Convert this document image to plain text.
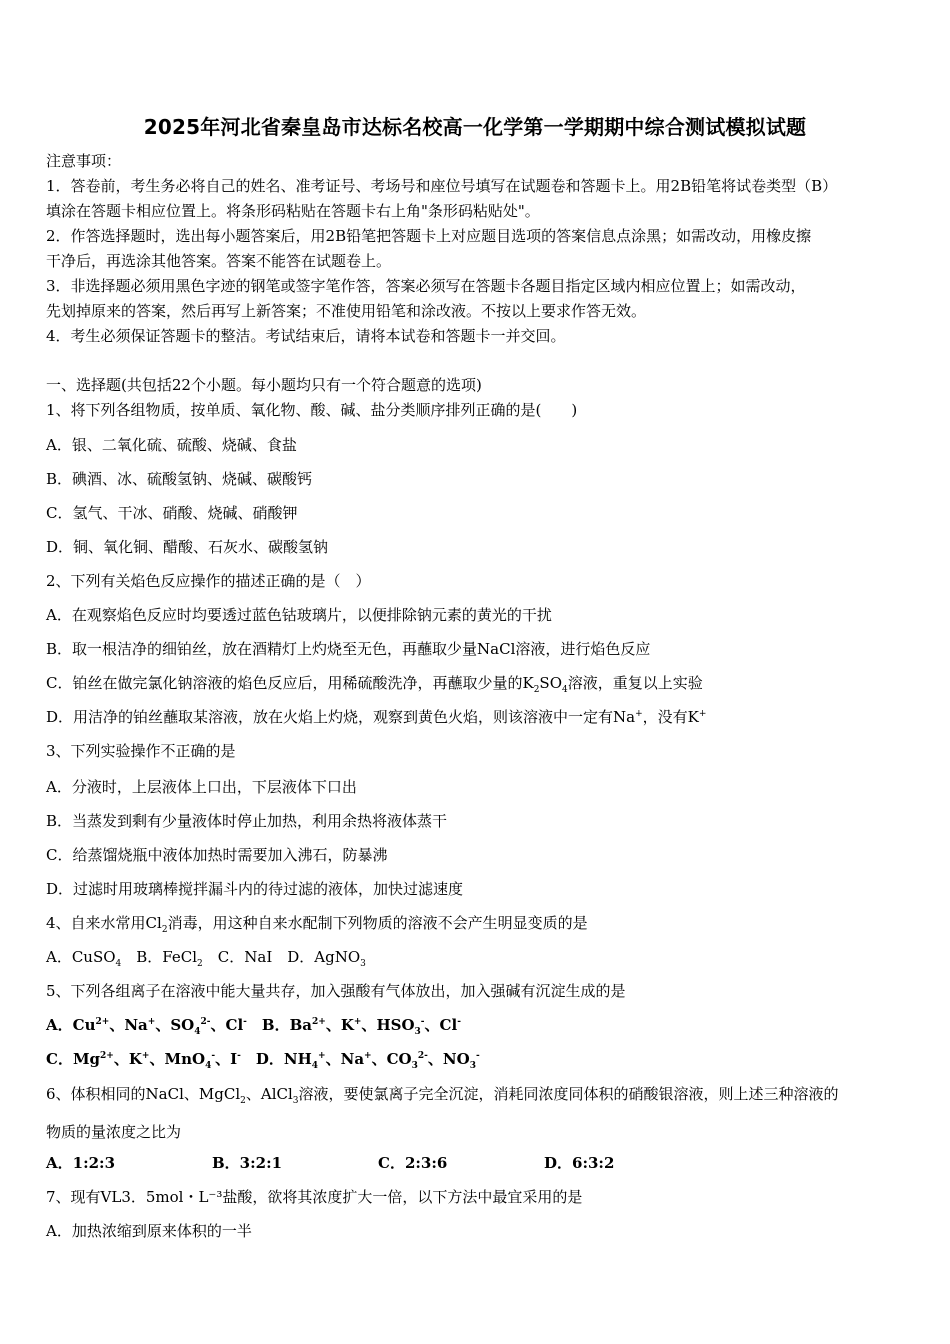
2025年河北省秦皇岛市达标名校高一化学第一学期期中综合测试模拟试题
注意事项：
1．答卷前，考生务必将自己的姓名、准考证号、考场号和座位号填写在试题卷和答题卡上。用2B铅笔将试卷类型（B）
填涂在答题卡相应位置上。将条形码粘贴在答题卡右上角"条形码粘贴处"。
2．作答选择题时，选出每小题答案后，用2B铅笔把答题卡上对应题目选项的答案信息点涂黑；如需改动，用橡皮擦
干净后，再选涂其他答案。答案不能答在试题卷上。
3．非选择题必须用黑色字迹的钢笔或签字笔作答，答案必须写在答题卡各题目指定区域内相应位置上；如需改动，
先划掉原来的答案，然后再写上新答案；不准使用铅笔和涂改液。不按以上要求作答无效。
4．考生必须保证答题卡的整洁。考试结束后，请将本试卷和答题卡一并交回。
一、选择题(共包括22个小题。每小题均只有一个符合题意的选项)
1、将下列各组物质，按单质、氧化物、酸、碱、盐分类顺序排列正确的是(　　)
A．银、二氧化硫、硫酸、烧碱、食盐
B．碘酒、冰、硫酸氢钠、烧碱、碳酸钙
C．氢气、干冰、硝酸、烧碱、硝酸钾
D．铜、氧化铜、醋酸、石灰水、碳酸氢钠
2、下列有关焰色反应操作的描述正确的是（　）
A．在观察焰色反应时均要透过蓝色钴玻璃片，以便排除钠元素的黄光的干扰
B．取一根洁净的细铂丝，放在酒精灯上灼烧至无色，再蘸取少量NaCl溶液，进行焰色反应
C．铂丝在做完氯化钠溶液的焰色反应后，用稀硫酸洗净，再蘸取少量的$K_2SO_4$溶液，重复以上实验
D．用洁净的铂丝蘸取某溶液，放在火焰上灼烧，观察到黄色火焰，则该溶液中一定有Na+，没有K+
3、下列实验操作不正确的是
A．分液时，上层液体上口出，下层液体下口出
B．当蒸发到剩有少量液体时停止加热，利用余热将液体蒸干
C．给蒸馏烧瓶中液体加热时需要加入沸石，防暴沸
D．过滤时用玻璃棒搅拌漏斗内的待过滤的液体，加快过滤速度
4、自来水常用$Cl_2$消毒，用这种自来水配制下列物质的溶液不会产生明显变质的是
A．CuSO$_4$　B．FeCl$_2$　C．NaI　D．AgNO$_3$
5、下列各组离子在溶液中能大量共存，加入强酸有气体放出，加入强碱有沉淀生成的是
A．$Cu^{2+}$、Na+、$SO_4^{2-}$、Cl-　B．$Ba^{2+}$、K+、$HSO_3^-$、Cl-
C．$Mg^{2+}$、K+、MnO$_4$-、I-　D．$NH_4^+$、Na+、$CO_3^{2-}$、$NO_3^-$
6、体积相同的NaCl、MgCl$_2$、AlCl$_3$溶液，要使氯离子完全沉淀，消耗同浓度同体积的硝酸银溶液，则上述三种溶液的
物质的量浓度之比为
A．1:2:3	B．3:2:1	C．2:3:6	D．6:3:2
7、现有VL3．5mol・L⁻³盐酸，欲将其浓度扩大一倍，以下方法中最宜采用的是
A．加热浓缩到原来体积的一半
